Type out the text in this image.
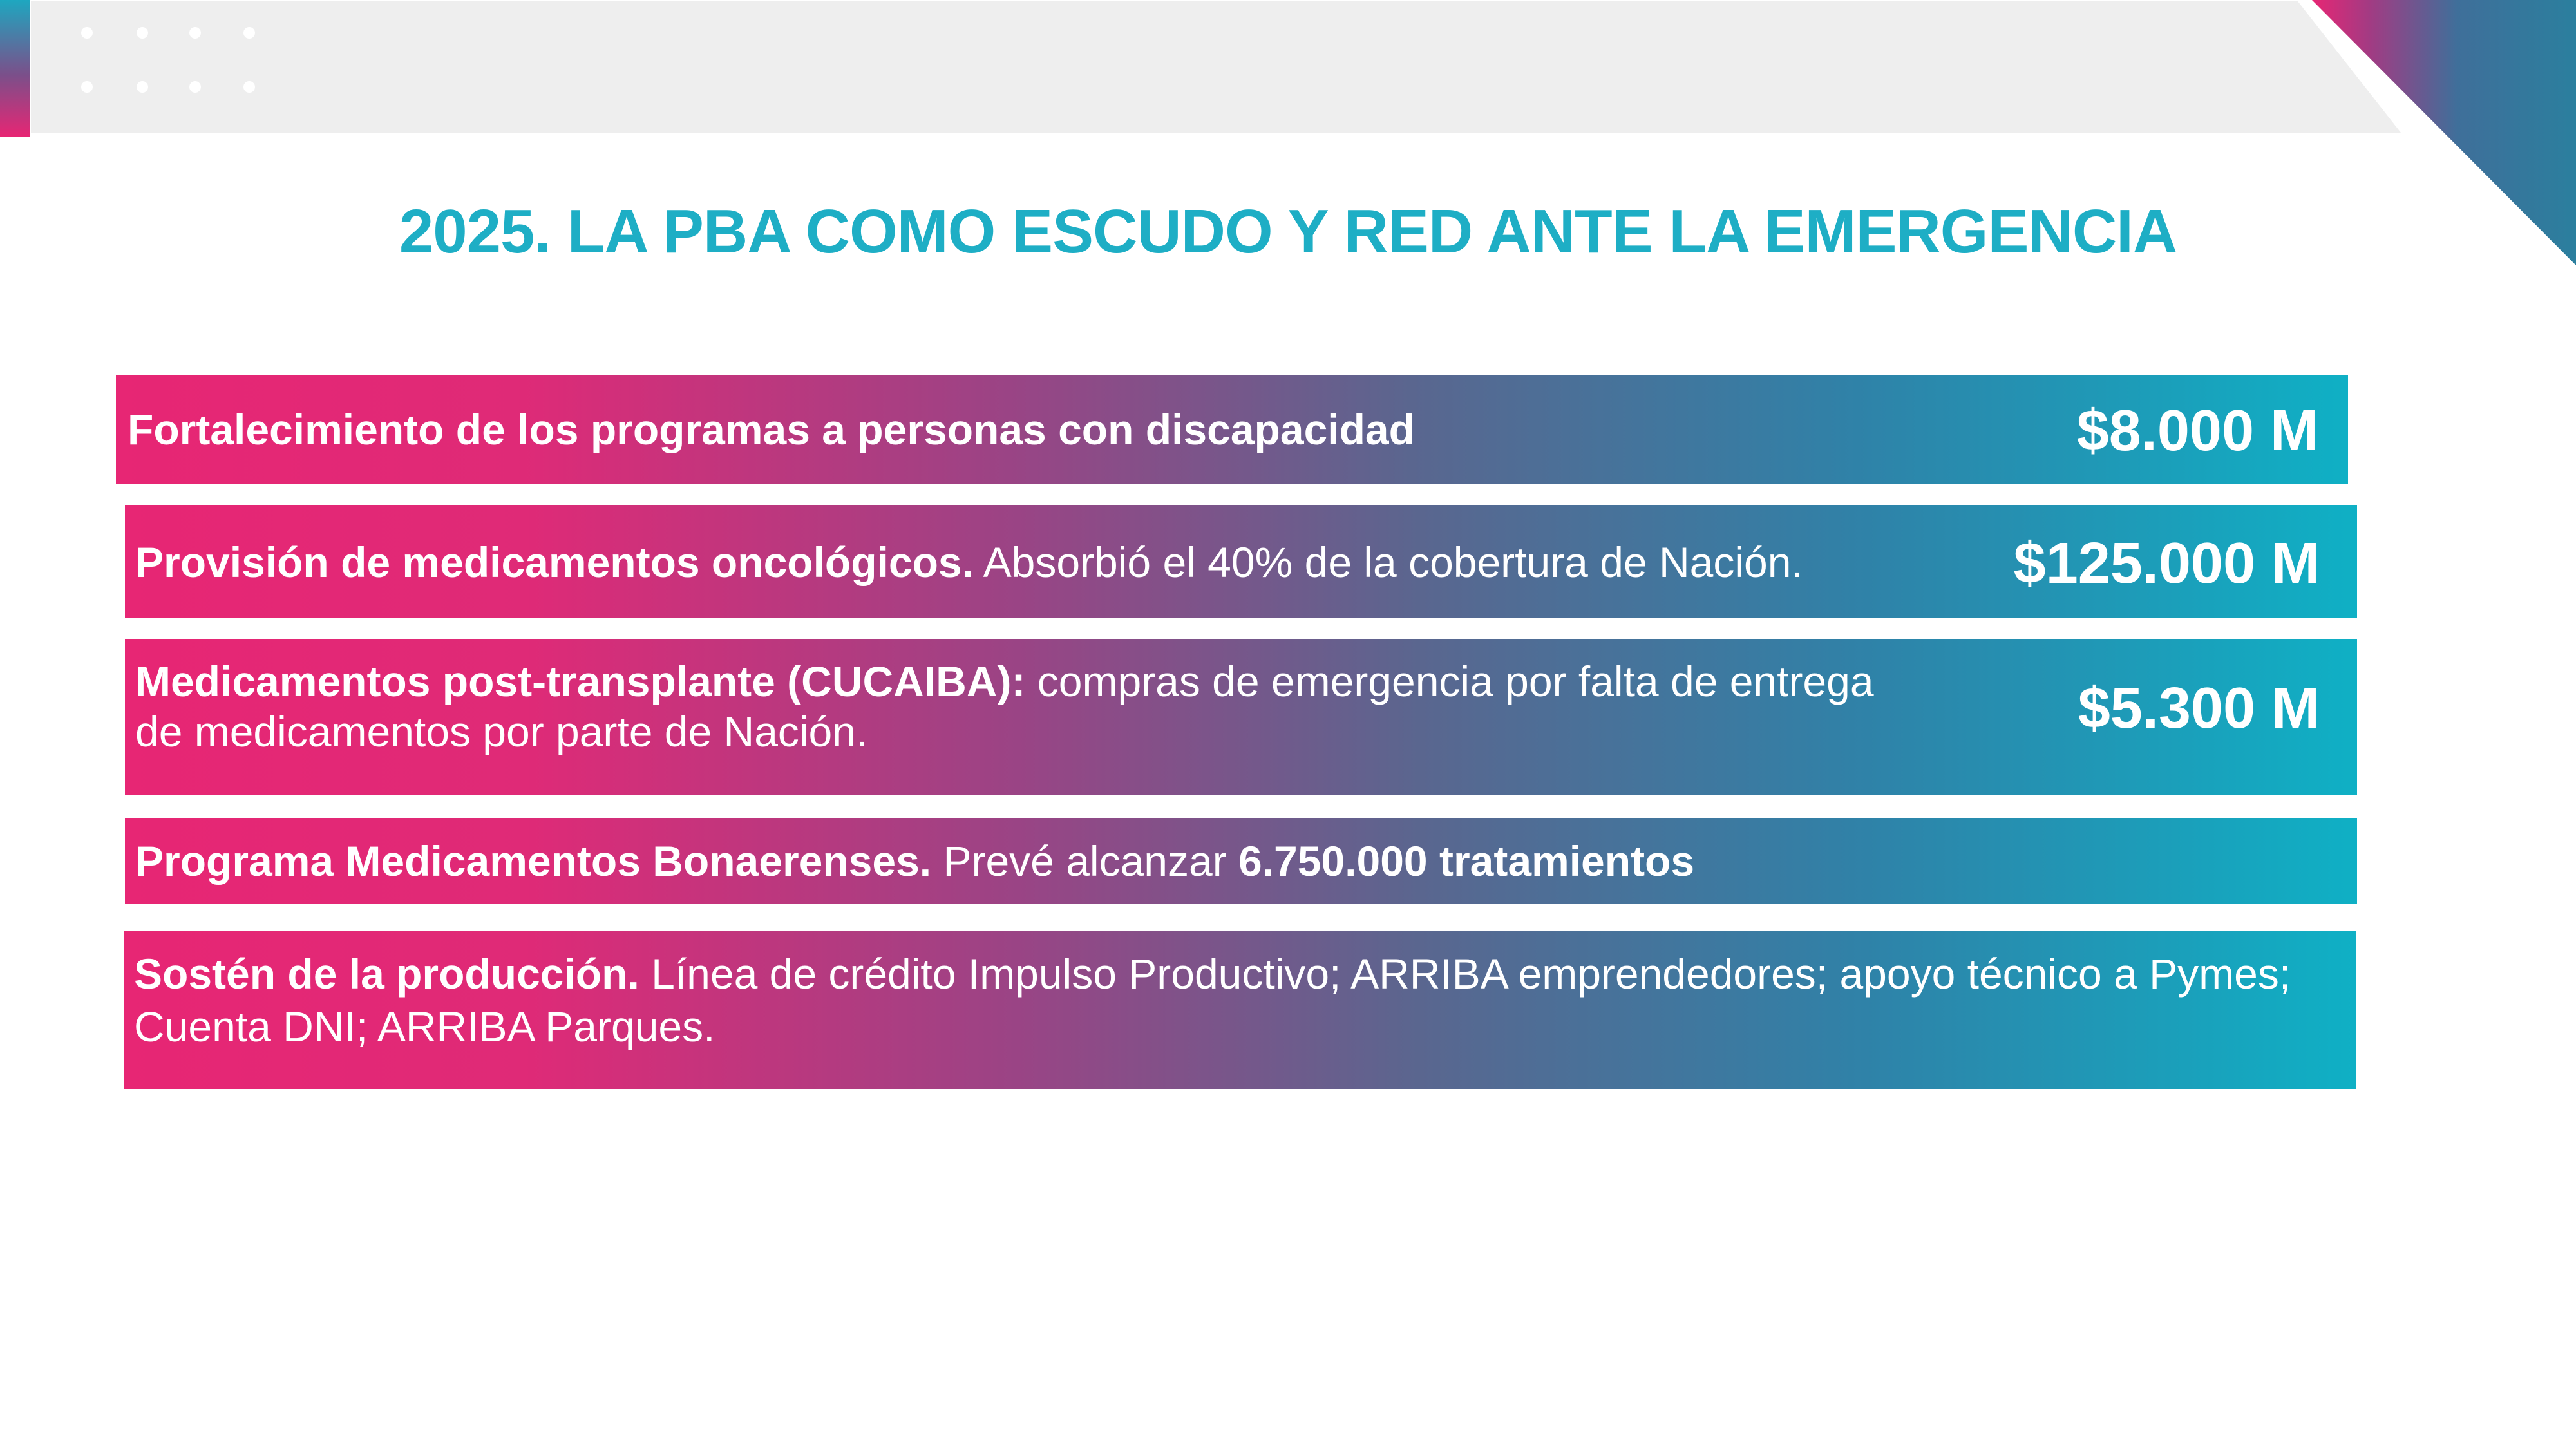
2025. LA PBA COMO ESCUDO Y RED ANTE LA EMERGENCIA
Fortalecimiento de los programas a personas con discapacidad	$8.000 M
Provisión de medicamentos oncológicos. Absorbió el 40% de la cobertura de Nación.	$125.000 M
Medicamentos post-transplante (CUCAIBA): compras de emergencia por falta de entrega
de medicamentos por parte de Nación.	$5.300 M
Programa Medicamentos Bonaerenses. Prevé alcanzar 6.750.000 tratamientos
Sostén de la producción. Línea de crédito Impulso Productivo; ARRIBA emprendedores; apoyo técnico a Pymes;
Cuenta DNI; ARRIBA Parques.
